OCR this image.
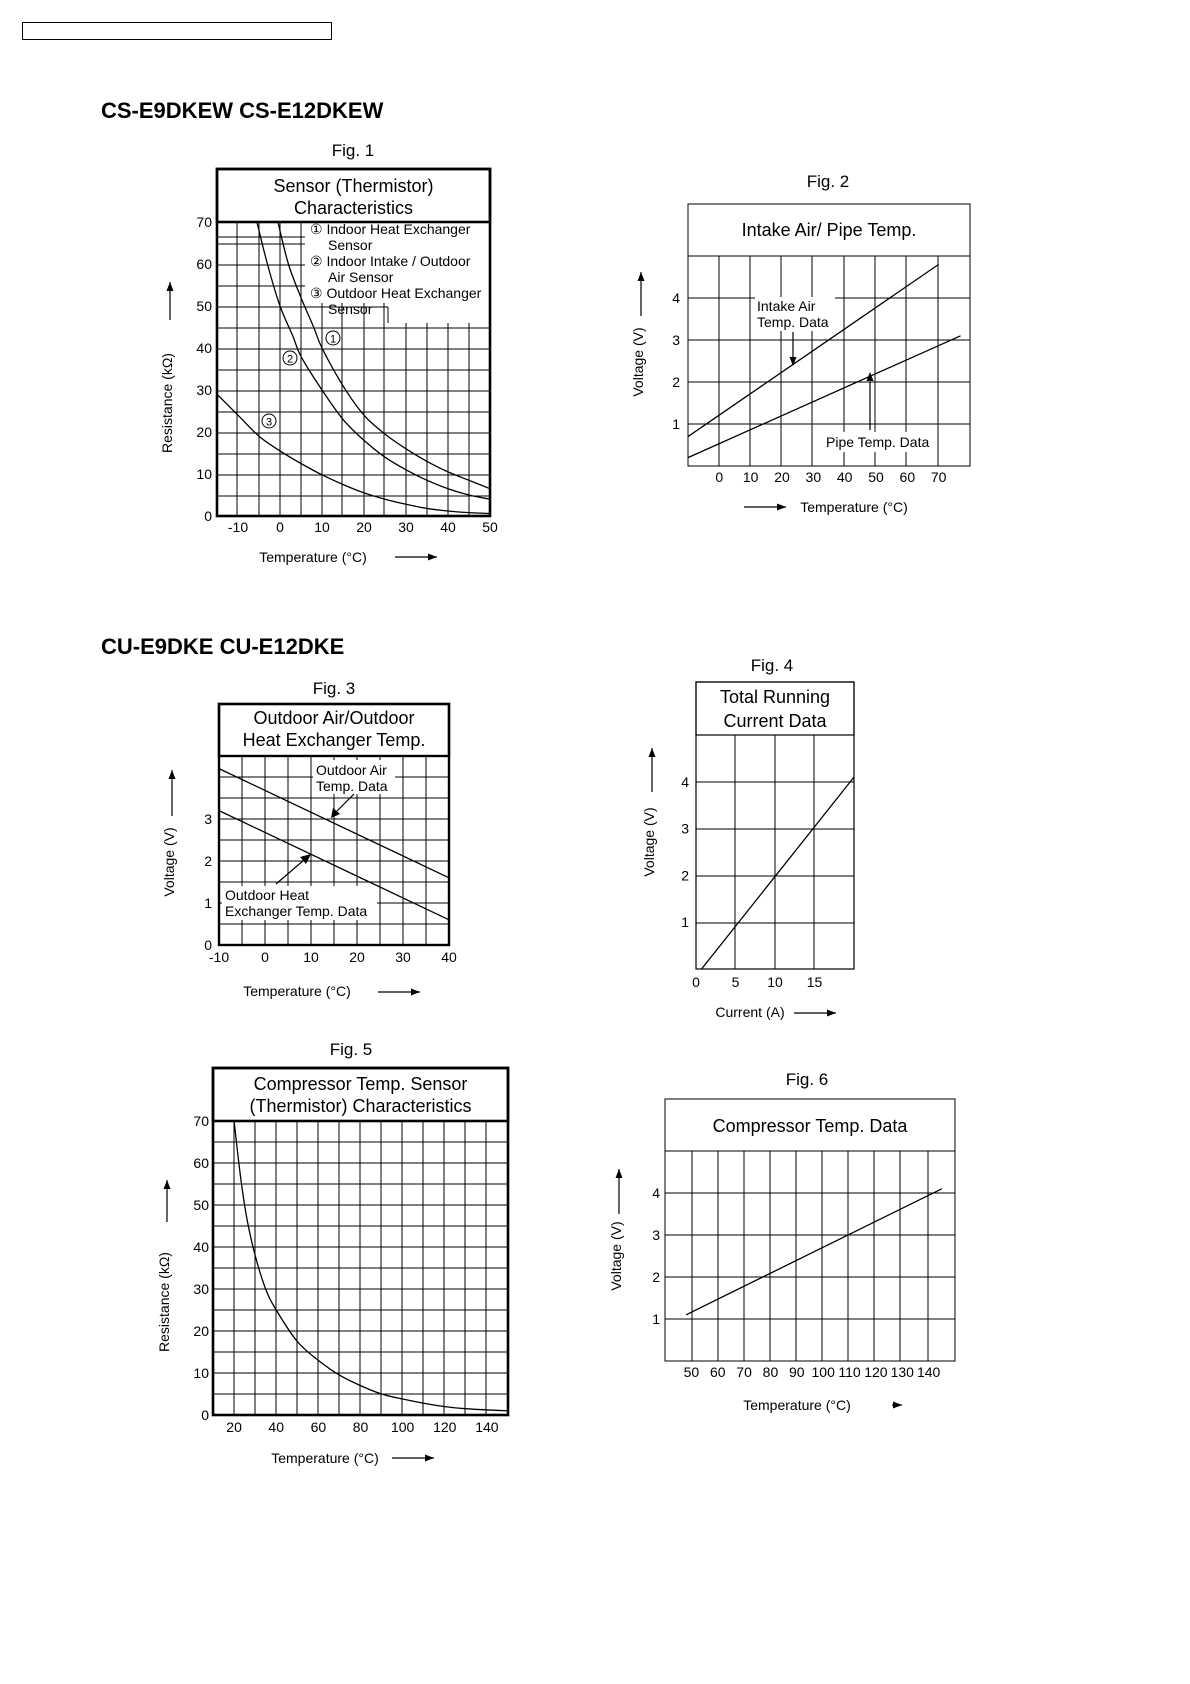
CS-E9DKEW CS-E12DKEW
CU-E9DKE CU-E12DKE
Fig. 1
Sensor (Thermistor)
Characteristics
-10 0 10 20 30 40 50
0
10
20
30
40
50
60
70
Temperature (°C)
Resistance (kΩ)
① Indoor Heat Exchanger
Sensor
② Indoor Intake / Outdoor
Air Sensor
③ Outdoor Heat Exchanger
Sensor
1
2
3
Fig. 2
Intake Air/ Pipe Temp.
0 10 20 30 40 50 60 70
1
2
3
4
Temperature (°C)
Voltage (V)
Intake Air
Temp. Data
Pipe Temp. Data
Fig. 3
Outdoor Air/Outdoor
Heat Exchanger Temp.
-10 0 10 20 30 40
0
1
2
3
Temperature (°C)
Voltage (V)
Outdoor Air
Temp. Data
Outdoor Heat
Exchanger Temp. Data
Fig. 4
Total Running
Current Data
0 5 10 15
1
2
3
4
Current (A)
Voltage (V)
Fig. 5
Compressor Temp. Sensor
(Thermistor) Characteristics
20 40 60 80 100 120 140
0
10
20
30
40
50
60
70
Temperature (°C)
Resistance (kΩ)
Fig. 6
Compressor Temp. Data
50 60 70 80 90 100 110 120 130 140
1
2
3
4
Temperature (°C)
Voltage (V)
